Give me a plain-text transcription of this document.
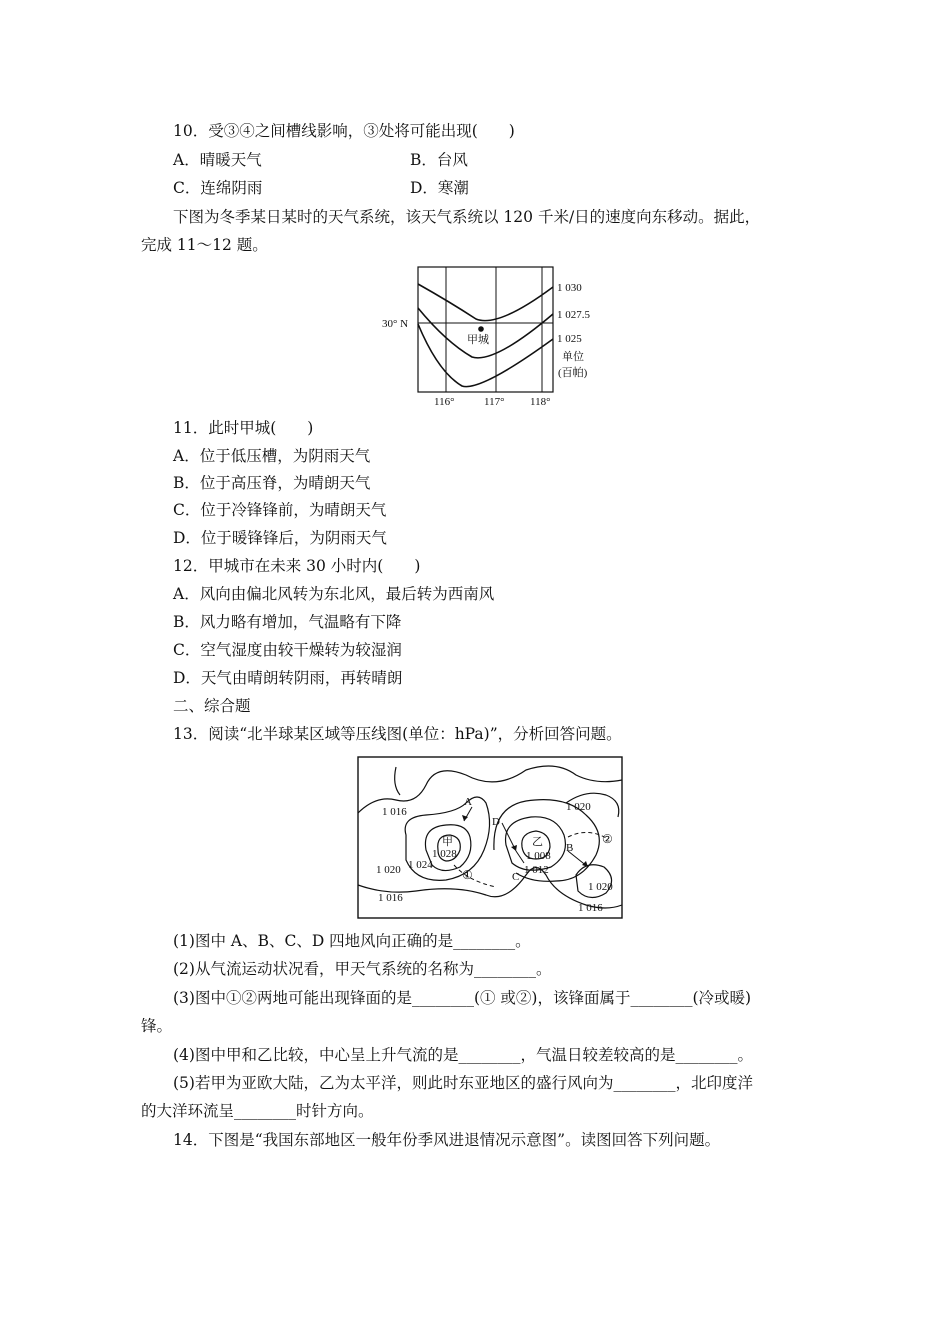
10．受③④之间槽线影响，③处将可能出现(　　)
A．晴暖天气	B．台风
C．连绵阴雨	D．寒潮
下图为冬季某日某时的天气系统，该天气系统以 120 千米/日的速度向东移动。据此，
完成 11～12 题。
甲城
1 030
1 027.5
1 025
单位
(百帕)
30° N
116°	117° 118°
11．此时甲城(　　)
A．位于低压槽，为阴雨天气
B．位于高压脊，为晴朗天气
C．位于冷锋锋前，为晴朗天气
D．位于暖锋锋后，为阴雨天气
12．甲城市在未来 30 小时内(　　)
A．风向由偏北风转为东北风，最后转为西南风
B．风力略有增加，气温略有下降
C．空气湿度由较干燥转为较湿润
D．天气由晴朗转阴雨，再转晴朗
二、综合题
13．阅读“北半球某区域等压线图(单位：hPa)”，分析回答问题。
1 016
1 020 1 024
1 028
甲	乙
1 008
1 012
1 020
1 020
1 016
1 016
A
B
C
D
①
②
(1)图中 A、B、C、D 四地风向正确的是________。
(2)从气流运动状况看，甲天气系统的名称为________。
(3)图中①②两地可能出现锋面的是________(① 或②)，该锋面属于________(冷或暖)
锋。
(4)图中甲和乙比较，中心呈上升气流的是________，气温日较差较高的是________。
(5)若甲为亚欧大陆，乙为太平洋，则此时东亚地区的盛行风向为________，北印度洋
的大洋环流呈________时针方向。
14．下图是“我国东部地区一般年份季风进退情况示意图”。读图回答下列问题。
